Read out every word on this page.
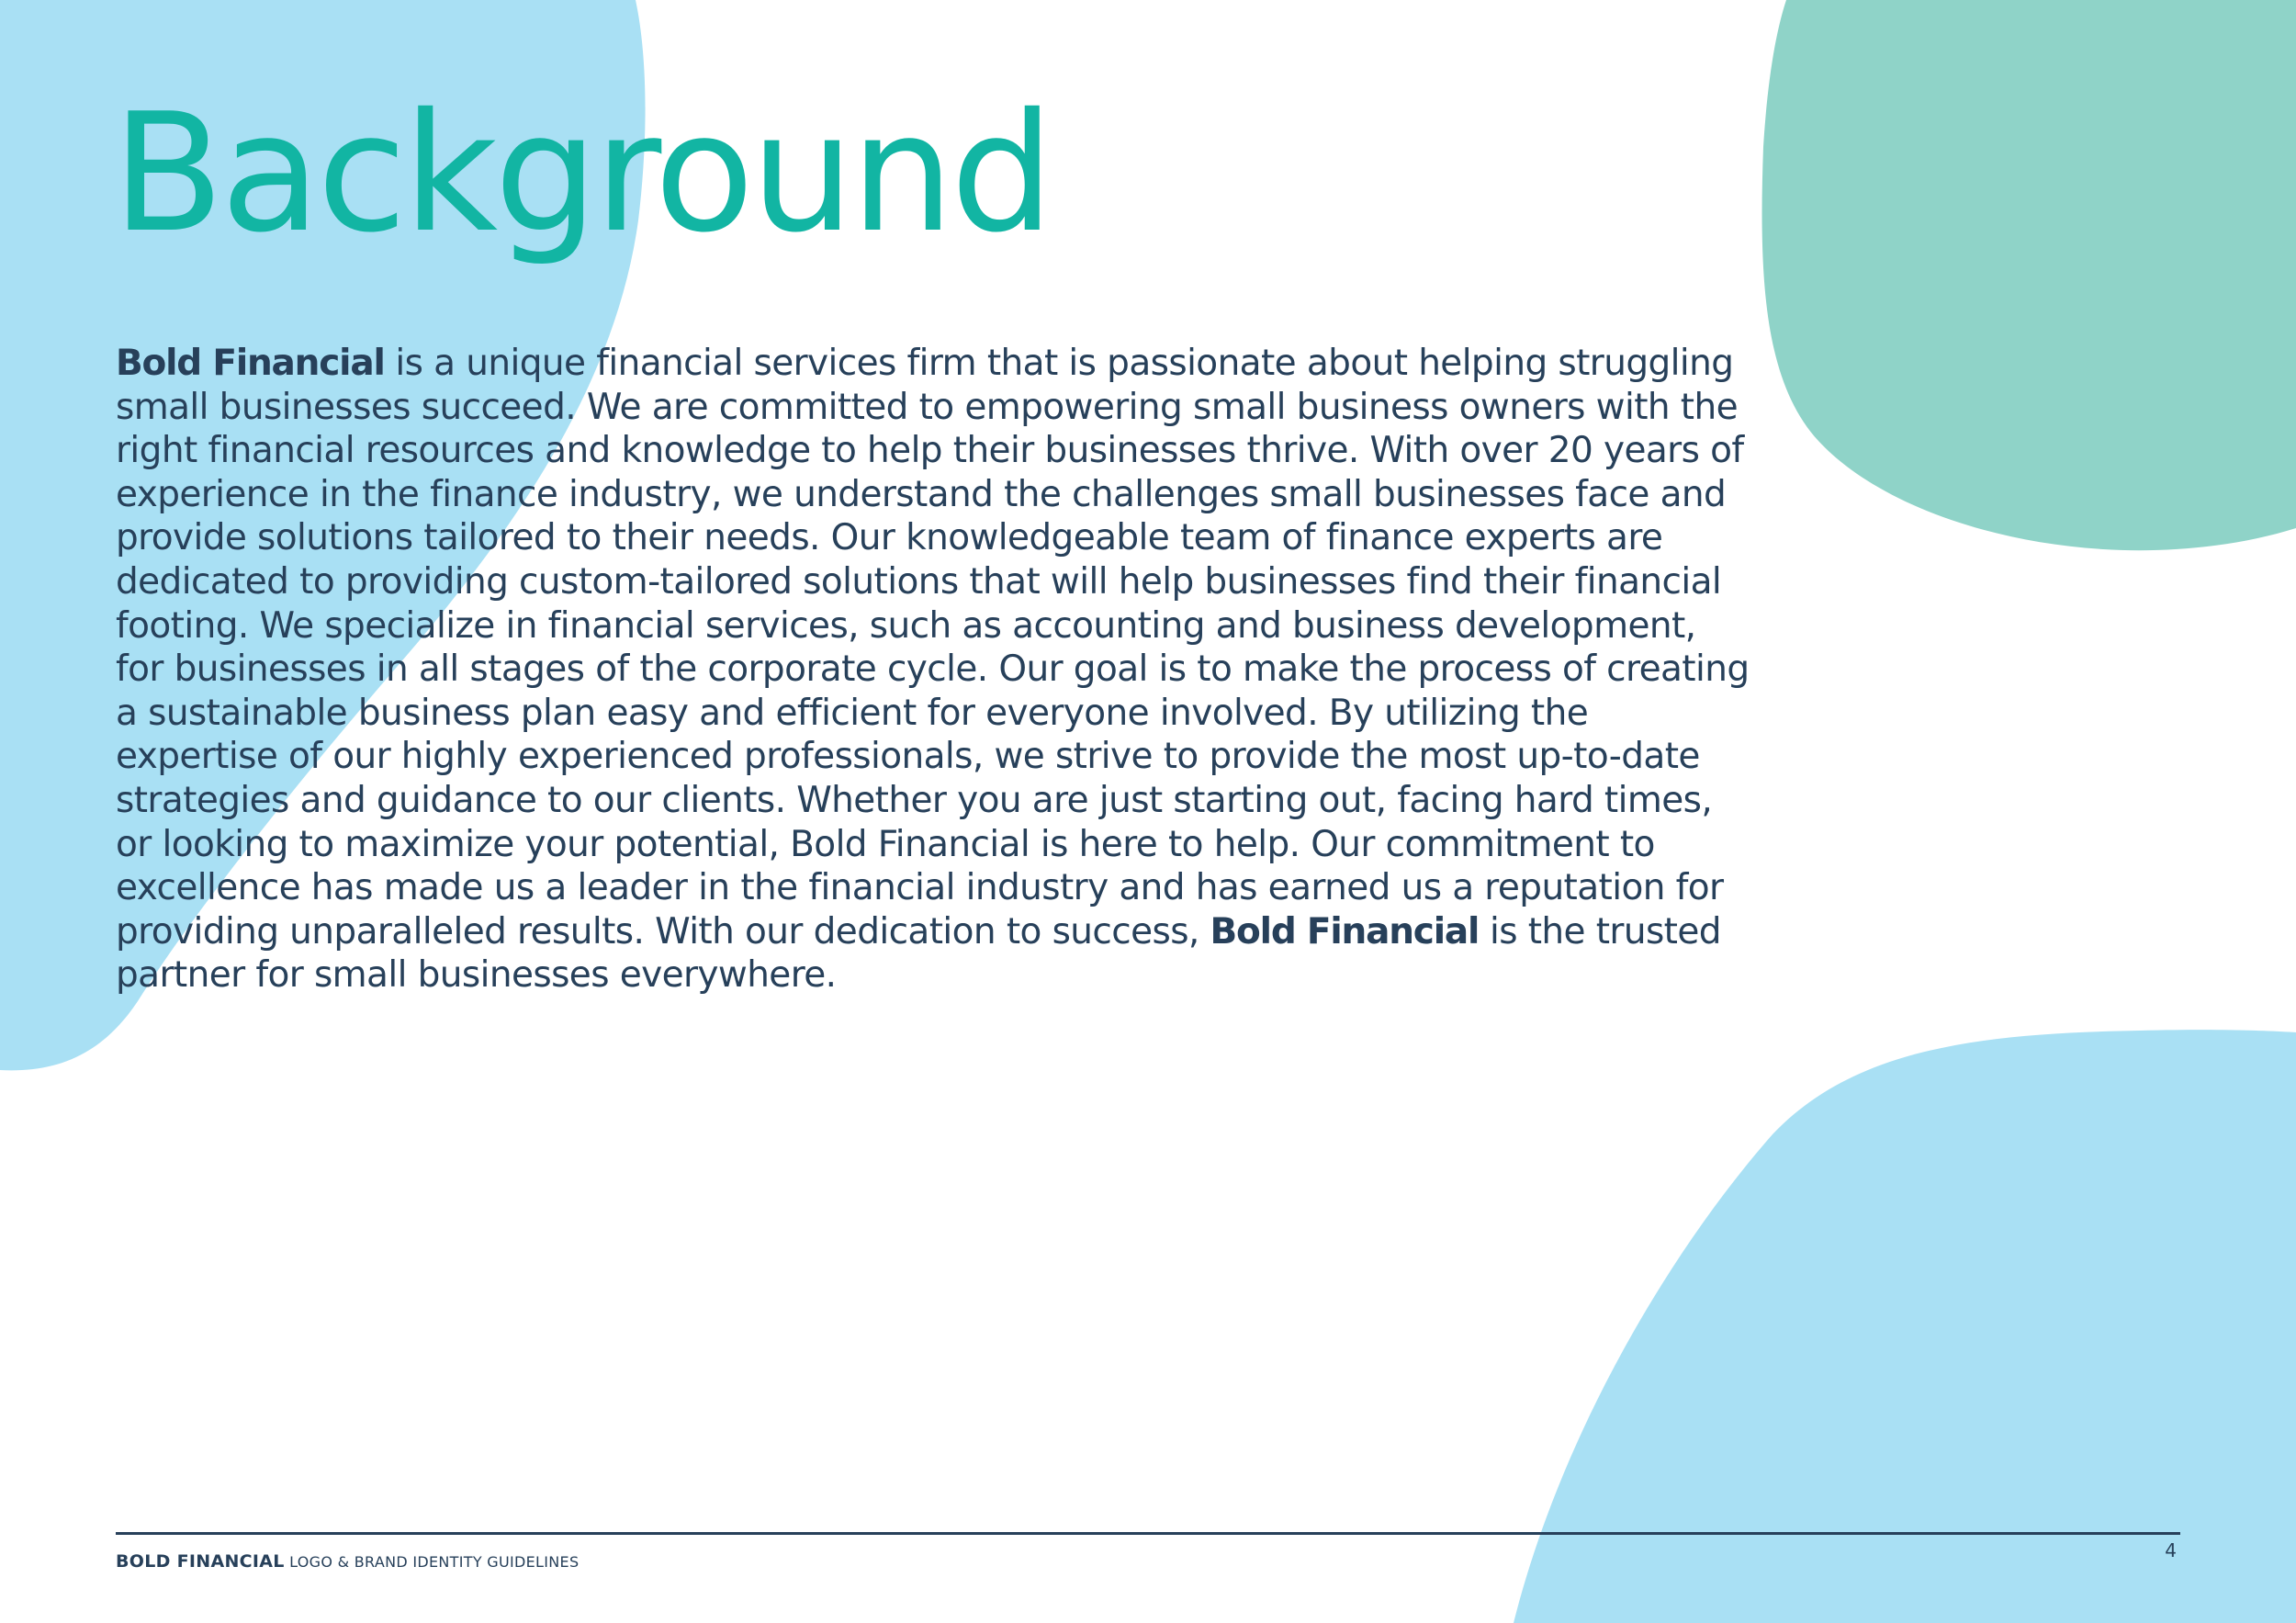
Background

Bold Financial is a unique financial services firm that is passionate about helping struggling small businesses succeed. We are committed to empowering small business owners with the right financial resources and knowledge to help their businesses thrive. With over 20 years of experience in the finance industry, we understand the challenges small businesses face and provide solutions tailored to their needs. Our knowledgeable team of finance experts are dedicated to providing custom-tailored solutions that will help businesses find their financial footing. We specialize in financial services, such as accounting and business development, for businesses in all stages of the corporate cycle. Our goal is to make the process of creating a sustainable business plan easy and efficient for everyone involved. By utilizing the expertise of our highly experienced professionals, we strive to provide the most up-to-date strategies and guidance to our clients. Whether you are just starting out, facing hard times, or looking to maximize your potential, Bold Financial is here to help. Our commitment to excellence has made us a leader in the financial industry and has earned us a reputation for providing unparalleled results. With our dedication to success, Bold Financial is the trusted partner for small businesses everywhere.

BOLD FINANCIAL LOGO & BRAND IDENTITY GUIDELINES
4
